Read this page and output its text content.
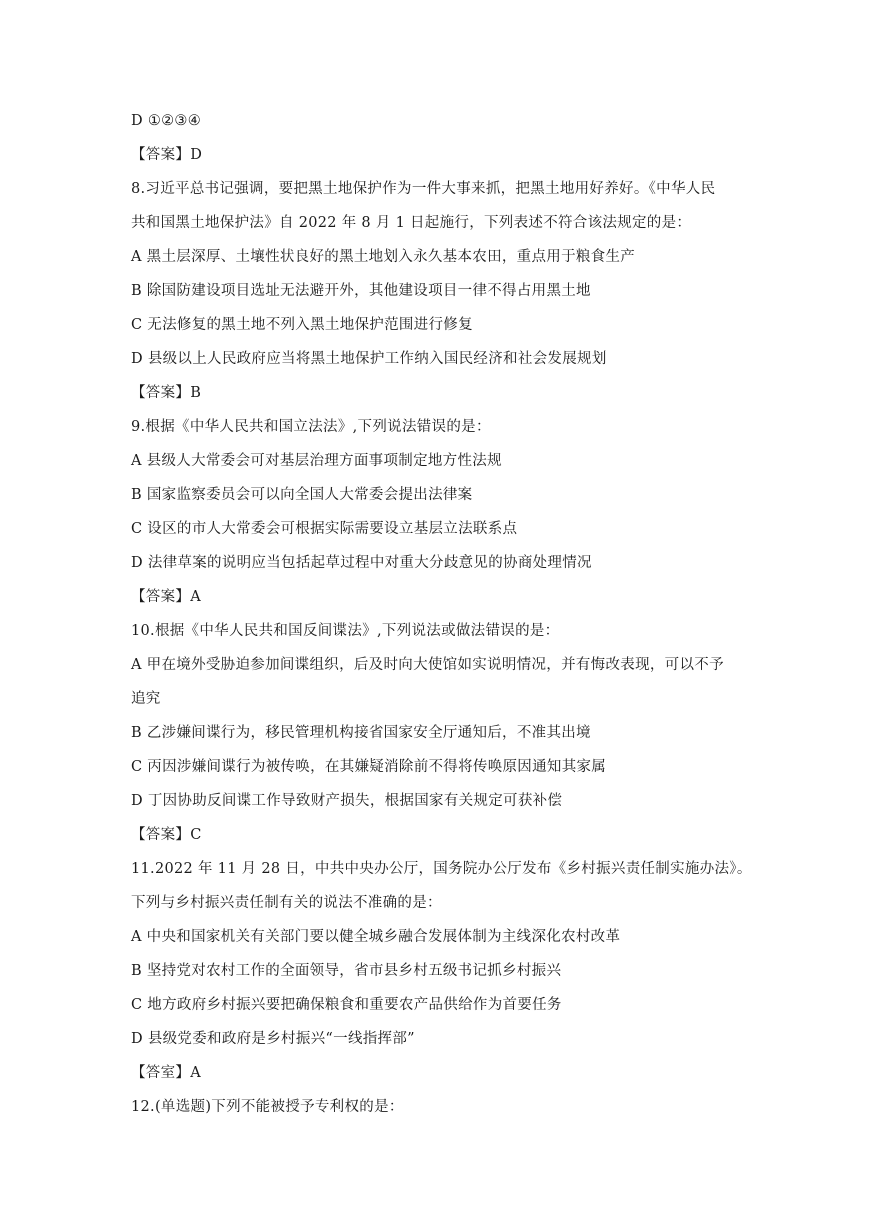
D ①②③④
【答案】D
8.习近平总书记强调，要把黑土地保护作为一件大事来抓，把黑土地用好养好。《中华人民
共和国黑土地保护法》自 2022 年 8 月 1 日起施行，下列表述不符合该法规定的是：
A 黑土层深厚、土壤性状良好的黑土地划入永久基本农田，重点用于粮食生产
B 除国防建设项目选址无法避开外，其他建设项目一律不得占用黑土地
C 无法修复的黑土地不列入黑土地保护范围进行修复
D 县级以上人民政府应当将黑土地保护工作纳入国民经济和社会发展规划
【答案】B
9.根据《中华人民共和国立法法》,下列说法错误的是：
A 县级人大常委会可对基层治理方面事项制定地方性法规
B 国家监察委员会可以向全国人大常委会提出法律案
C 设区的市人大常委会可根据实际需要设立基层立法联系点
D 法律草案的说明应当包括起草过程中对重大分歧意见的协商处理情况
【答案】A
10.根据《中华人民共和国反间谍法》,下列说法或做法错误的是：
A 甲在境外受胁迫参加间谍组织，后及时向大使馆如实说明情况，并有悔改表现，可以不予
追究
B 乙涉嫌间谍行为，移民管理机构接省国家安全厅通知后，不准其出境
C 丙因涉嫌间谍行为被传唤，在其嫌疑消除前不得将传唤原因通知其家属
D 丁因协助反间谍工作导致财产损失，根据国家有关规定可获补偿
【答案】C
11.2022 年 11 月 28 日，中共中央办公厅，国务院办公厅发布《乡村振兴责任制实施办法》。
下列与乡村振兴责任制有关的说法不准确的是：
A 中央和国家机关有关部门要以健全城乡融合发展体制为主线深化农村改革
B 坚持党对农村工作的全面领导，省市县乡村五级书记抓乡村振兴
C 地方政府乡村振兴要把确保粮食和重要农产品供给作为首要任务
D 县级党委和政府是乡村振兴“一线指挥部”
【答室】A
12.(单选题)下列不能被授予专利权的是：
